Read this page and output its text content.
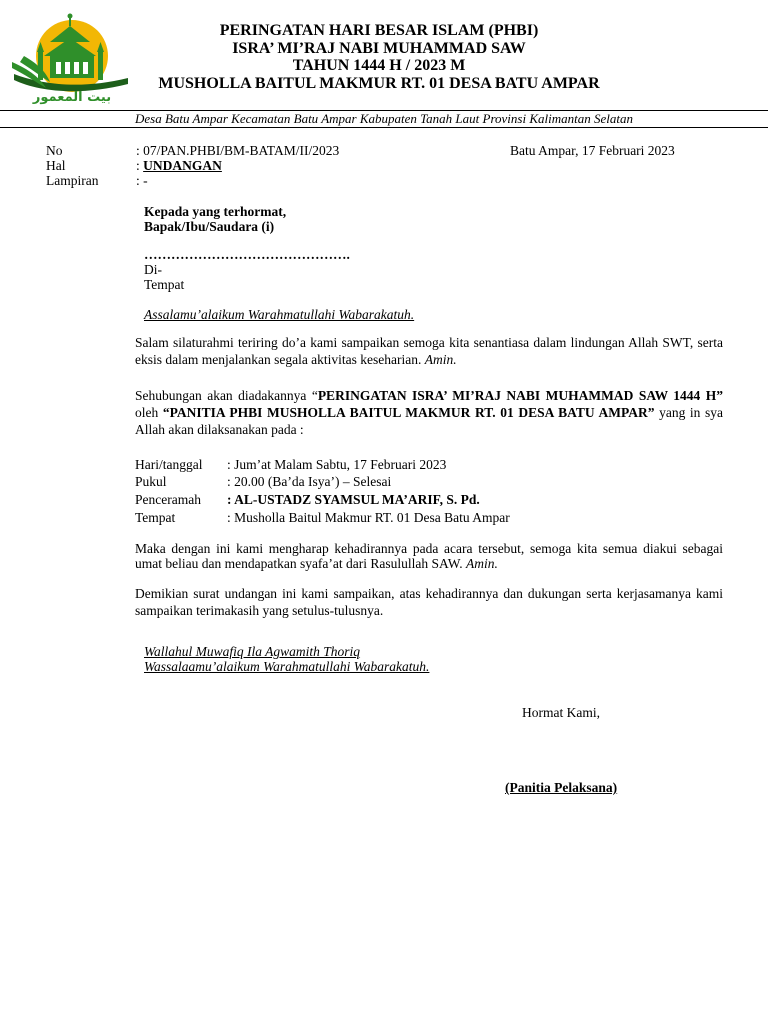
بيت المعمور
PERINGATAN HARI BESAR ISLAM (PHBI)
ISRA’ MI’RAJ NABI MUHAMMAD SAW
TAHUN 1444 H / 2023 M
MUSHOLLA BAITUL MAKMUR RT. 01 DESA BATU AMPAR
Desa Batu Ampar Kecamatan Batu Ampar Kabupaten Tanah Laut Provinsi Kalimantan Selatan
No	: 07/PAN.PHBI/BM-BATAM/II/2023	Batu Ampar, 17 Februari 2023
Hal	: UNDANGAN
Lampiran	: -
Kepada yang terhormat,
Bapak/Ibu/Saudara (i)
……………………………………….
Di-
Tempat
Assalamu’alaikum Warahmatullahi Wabarakatuh.
Salam silaturahmi teriring do’a kami sampaikan semoga kita senantiasa dalam lindungan Allah SWT, serta eksis dalam menjalankan segala aktivitas keseharian. Amin.
Sehubungan akan diadakannya “PERINGATAN ISRA’ MI’RAJ NABI MUHAMMAD SAW 1444 H” oleh “PANITIA PHBI MUSHOLLA BAITUL MAKMUR RT. 01 DESA BATU AMPAR” yang in sya Allah akan dilaksanakan pada :
Hari/tanggal : Jum’at Malam Sabtu, 17 Februari 2023
Pukul	: 20.00 (Ba’da Isya’) – Selesai
Penceramah : AL-USTADZ SYAMSUL MA’ARIF, S. Pd.
Tempat	: Musholla Baitul Makmur RT. 01 Desa Batu Ampar
Maka dengan ini kami mengharap kehadirannya pada acara tersebut, semoga kita semua diakui sebagai umat beliau dan mendapatkan syafa’at dari Rasulullah SAW. Amin.
Demikian surat undangan ini kami sampaikan, atas kehadirannya dan dukungan serta kerjasamanya kami sampaikan terimakasih yang setulus-tulusnya.
Wallahul Muwafiq Ila Agwamith Thoriq
Wassalaamu’alaikum Warahmatullahi Wabarakatuh.
Hormat Kami,
(Panitia Pelaksana)
